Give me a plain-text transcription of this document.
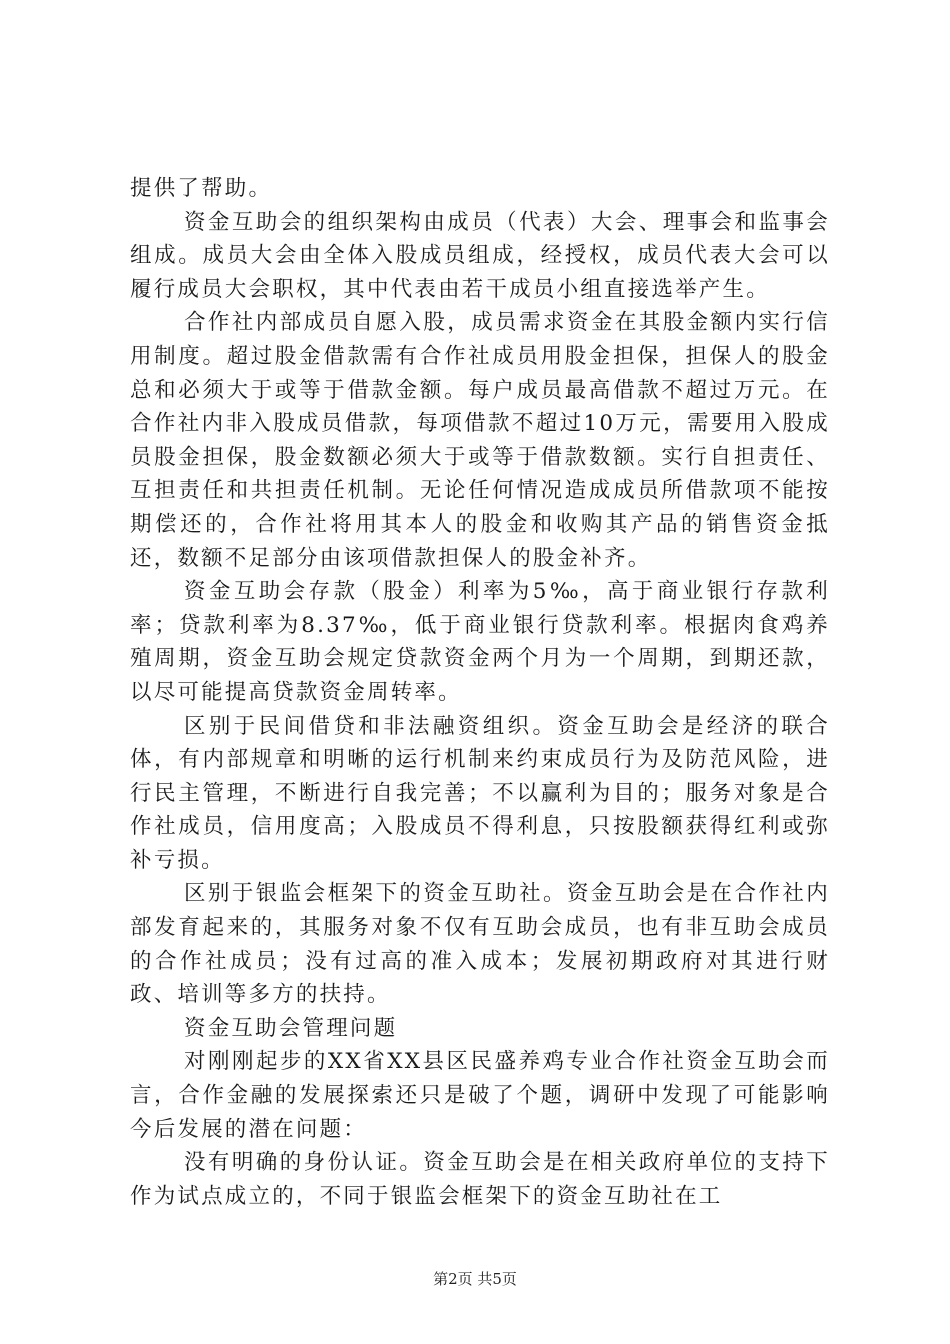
提供了帮助。

资金互助会的组织架构由成员（代表）大会、理事会和监事会组成。成员大会由全体入股成员组成，经授权，成员代表大会可以履行成员大会职权，其中代表由若干成员小组直接选举产生。

合作社内部成员自愿入股，成员需求资金在其股金额内实行信用制度。超过股金借款需有合作社成员用股金担保，担保人的股金总和必须大于或等于借款金额。每户成员最高借款不超过万元。在合作社内非入股成员借款，每项借款不超过10万元，需要用入股成员股金担保，股金数额必须大于或等于借款数额。实行自担责任、互担责任和共担责任机制。无论任何情况造成成员所借款项不能按期偿还的，合作社将用其本人的股金和收购其产品的销售资金抵还，数额不足部分由该项借款担保人的股金补齐。

资金互助会存款（股金）利率为5‰，高于商业银行存款利率；贷款利率为8.37‰，低于商业银行贷款利率。根据肉食鸡养殖周期，资金互助会规定贷款资金两个月为一个周期，到期还款，以尽可能提高贷款资金周转率。

区别于民间借贷和非法融资组织。资金互助会是经济的联合体，有内部规章和明晰的运行机制来约束成员行为及防范风险，进行民主管理，不断进行自我完善；不以赢利为目的；服务对象是合作社成员，信用度高；入股成员不得利息，只按股额获得红利或弥补亏损。

区别于银监会框架下的资金互助社。资金互助会是在合作社内部发育起来的，其服务对象不仅有互助会成员，也有非互助会成员的合作社成员；没有过高的准入成本；发展初期政府对其进行财政、培训等多方的扶持。

资金互助会管理问题

对刚刚起步的XX省XX县区民盛养鸡专业合作社资金互助会而言，合作金融的发展探索还只是破了个题，调研中发现了可能影响今后发展的潜在问题：

没有明确的身份认证。资金互助会是在相关政府单位的支持下作为试点成立的，不同于银监会框架下的资金互助社在工

第2页 共5页
